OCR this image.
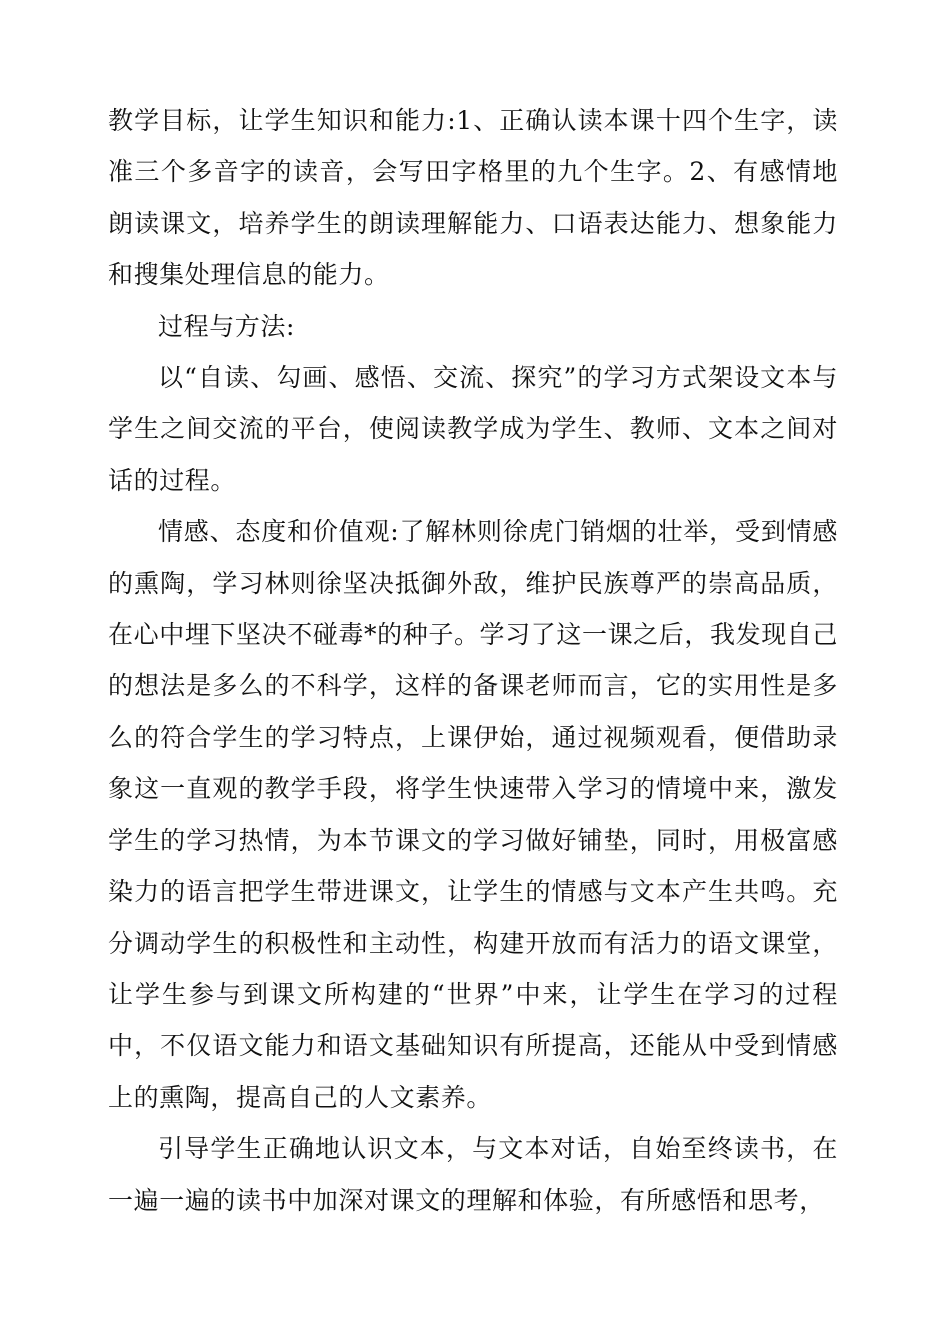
教学目标，让学生知识和能力:1、正确认读本课十四个生字，读准三个多音字的读音，会写田字格里的九个生字。2、有感情地朗读课文，培养学生的朗读理解能力、口语表达能力、想象能力和搜集处理信息的能力。

过程与方法:

以“自读、勾画、感悟、交流、探究”的学习方式架设文本与学生之间交流的平台，使阅读教学成为学生、教师、文本之间对话的过程。

情感、态度和价值观:了解林则徐虎门销烟的壮举，受到情感的熏陶，学习林则徐坚决抵御外敌，维护民族尊严的崇高品质，在心中埋下坚决不碰毒*的种子。学习了这一课之后，我发现自己的想法是多么的不科学，这样的备课老师而言，它的实用性是多么的符合学生的学习特点，上课伊始，通过视频观看，便借助录象这一直观的教学手段，将学生快速带入学习的情境中来，激发学生的学习热情，为本节课文的学习做好铺垫，同时，用极富感染力的语言把学生带进课文，让学生的情感与文本产生共鸣。充分调动学生的积极性和主动性，构建开放而有活力的语文课堂，让学生参与到课文所构建的“世界”中来，让学生在学习的过程中，不仅语文能力和语文基础知识有所提高，还能从中受到情感上的熏陶，提高自己的人文素养。

引导学生正确地认识文本，与文本对话，自始至终读书，在一遍一遍的读书中加深对课文的理解和体验，有所感悟和思考，
